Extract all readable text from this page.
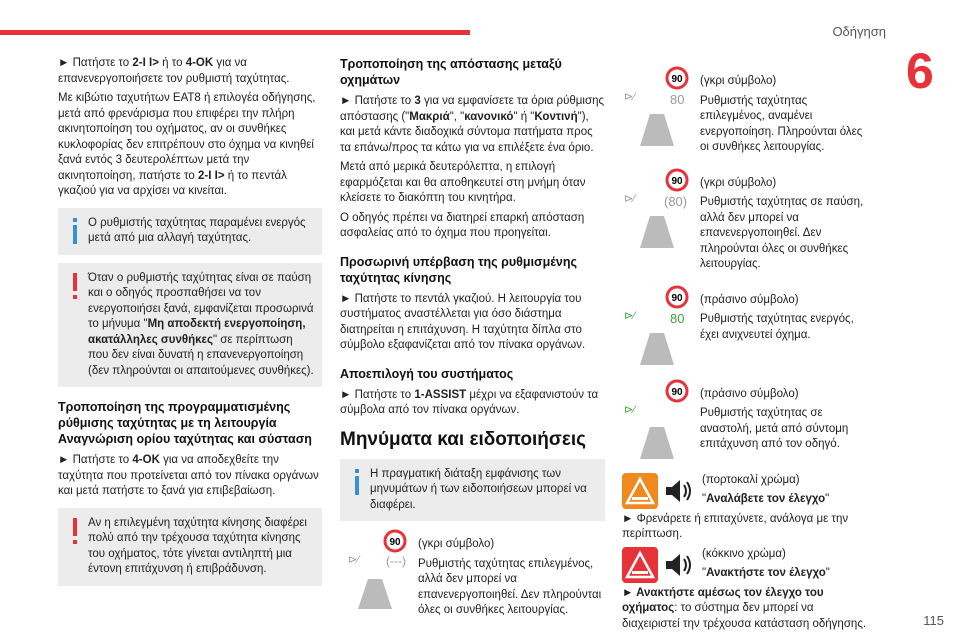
Οδήγηση
6
115

► Πατήστε το 2-I I> ή το 4-OK για να επανενεργοποιήσετε τον ρυθμιστή ταχύτητας.

Με κιβώτιο ταχυτήτων EAT8 ή επιλογέα οδήγησης, μετά από φρενάρισμα που επιφέρει την πλήρη ακινητοποίηση του οχήματος, αν οι συνθήκες κυκλοφορίας δεν επιτρέπουν στο όχημα να κινηθεί ξανά εντός 3 δευτερολέπτων μετά την ακινητοποίηση, πατήστε το 2-I I> ή το πεντάλ γκαζιού για να αρχίσει να κινείται.

Ο ρυθμιστής ταχύτητας παραμένει ενεργός μετά από μια αλλαγή ταχύτητας.

Όταν ο ρυθμιστής ταχύτητας είναι σε παύση και ο οδηγός προσπαθήσει να τον ενεργοποιήσει ξανά, εμφανίζεται προσωρινά το μήνυμα "Μη αποδεκτή ενεργοποίηση, ακατάλληλες συνθήκες" σε περίπτωση που δεν είναι δυνατή η επανενεργοποίηση (δεν πληρούνται οι απαιτούμενες συνθήκες).

Τροποποίηση της προγραμματισμένης ρύθμισης ταχύτητας με τη λειτουργία Αναγνώριση ορίου ταχύτητας και σύσταση

► Πατήστε το 4-OK για να αποδεχθείτε την ταχύτητα που προτείνεται από τον πίνακα οργάνων και μετά πατήστε το ξανά για επιβεβαίωση.

Αν η επιλεγμένη ταχύτητα κίνησης διαφέρει πολύ από την τρέχουσα ταχύτητα κίνησης του οχήματος, τότε γίνεται αντιληπτή μια έντονη επιτάχυνση ή επιβράδυνση.

Τροποποίηση της απόστασης μεταξύ οχημάτων

► Πατήστε το 3 για να εμφανίσετε τα όρια ρύθμισης απόστασης ("Μακριά", "κανονικό" ή "Κοντινή"), και μετά κάντε διαδοχικά σύντομα πατήματα προς τα επάνω/προς τα κάτω για να επιλέξετε ένα όριο.

Μετά από μερικά δευτερόλεπτα, η επιλογή εφαρμόζεται και θα αποθηκευτεί στη μνήμη όταν κλείσετε το διακόπτη του κινητήρα.

Ο οδηγός πρέπει να διατηρεί επαρκή απόσταση ασφαλείας από το όχημα που προηγείται.

Προσωρινή υπέρβαση της ρυθμισμένης ταχύτητας κίνησης

► Πατήστε το πεντάλ γκαζιού. Η λειτουργία του συστήματος αναστέλλεται για όσο διάστημα διατηρείται η επιτάχυνση. Η ταχύτητα δίπλα στο σύμβολο εξαφανίζεται από τον πίνακα οργάνων.

Αποεπιλογή του συστήματος

► Πατήστε το 1-ASSIST μέχρι να εξαφανιστούν τα σύμβολα από τον πίνακα οργάνων.

Μηνύματα και ειδοποιήσεις

Η πραγματική διάταξη εμφάνισης των μηνυμάτων ή των ειδοποιήσεων μπορεί να διαφέρει.

90
⊳⁄ (---)

(γκρι σύμβολο)

Ρυθμιστής ταχύτητας επιλεγμένος, αλλά δεν μπορεί να επανενεργοποιηθεί. Δεν πληρούνται όλες οι συνθήκες λειτουργίας.

90
⊳⁄	80

(γκρι σύμβολο)

Ρυθμιστής ταχύτητας επιλεγμένος, αναμένει ενεργοποίηση. Πληρούνται όλες οι συνθήκες λειτουργίας.

90
⊳⁄ (80)

(γκρι σύμβολο)

Ρυθμιστής ταχύτητας σε παύση, αλλά δεν μπορεί να επανενεργοποιηθεί. Δεν πληρούνται όλες οι συνθήκες λειτουργίας.

90
⊳⁄	80

(πράσινο σύμβολο)

Ρυθμιστής ταχύτητας ενεργός, έχει ανιχνευτεί όχημα.

90
⊳⁄

(πράσινο σύμβολο)

Ρυθμιστής ταχύτητας σε αναστολή, μετά από σύντομη επιτάχυνση από τον οδηγό.

(πορτοκαλί χρώμα)

"Αναλάβετε τον έλεγχο"

► Φρενάρετε ή επιταχύνετε, ανάλογα με την περίπτωση.

(κόκκινο χρώμα)

"Ανακτήστε τον έλεγχο"

► Ανακτήστε αμέσως τον έλεγχο του οχήματος: το σύστημα δεν μπορεί να διαχειριστεί την τρέχουσα κατάσταση οδήγησης.
